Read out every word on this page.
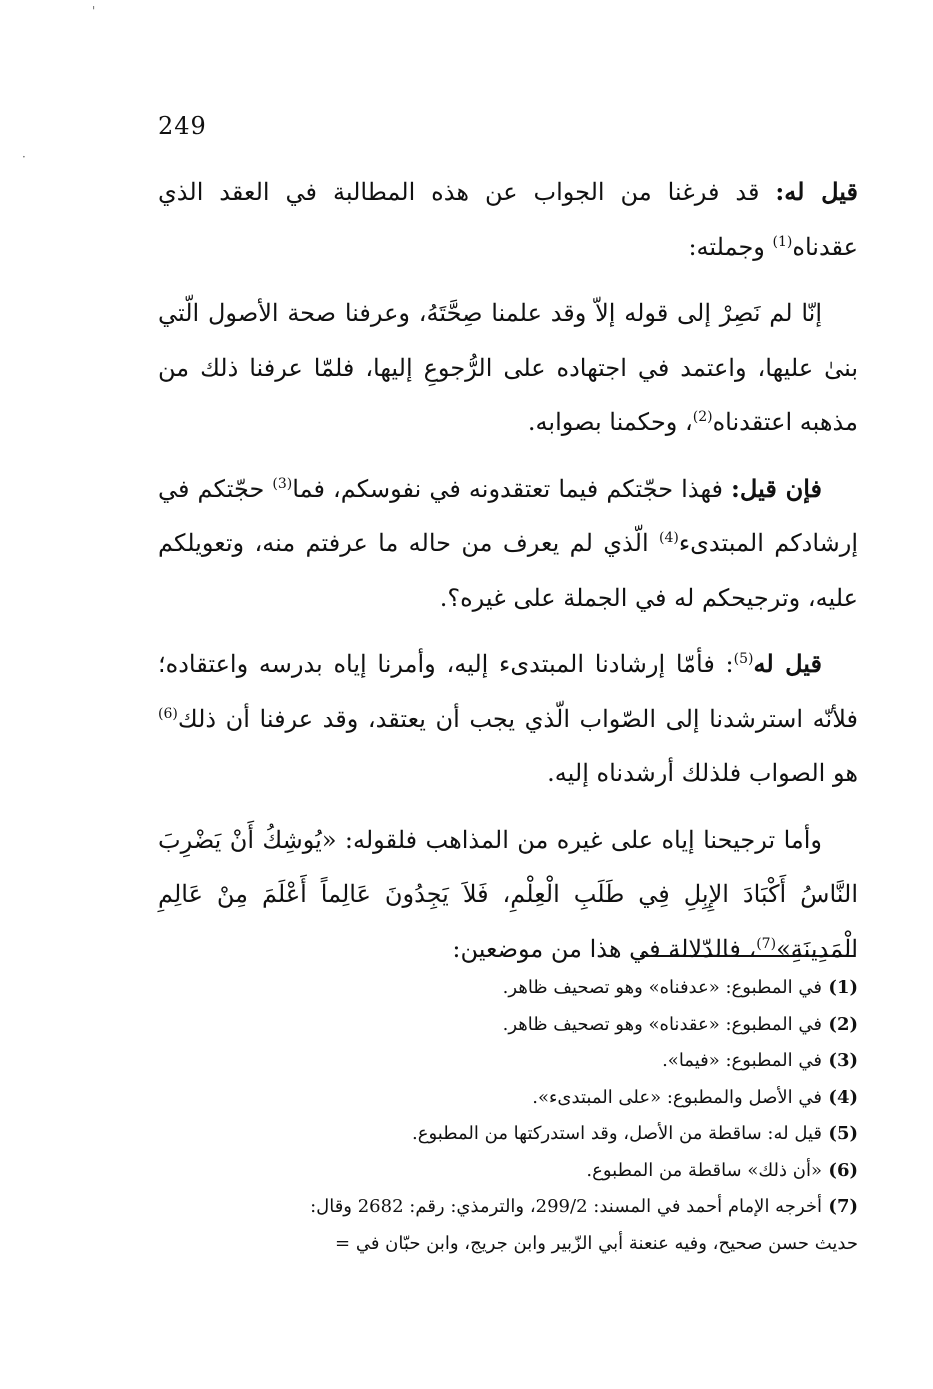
249

قيل له: قد فرغنا من الجواب عن هذه المطالبة في العقد الذي عقدناه$^{(1)}$ وجملته:

إنّا لم نَصِرْ إلى قوله إلاّ وقد علمنا صِحَّتَهُ، وعرفنا صحة الأصول الّتي بنىٰ عليها، واعتمد في اجتهاده على الرُّجوعِ إليها، فلمّا عرفنا ذلك من مذهبه اعتقدناه$^{(2)}$، وحكمنا بصوابه.

فإن قيل: فهذا حجّتكم فيما تعتقدونه في نفوسكم، فما$^{(3)}$ حجّتكم في إرشادكم المبتدىء$^{(4)}$ الّذي لم يعرف من حاله ما عرفتم منه، وتعويلكم عليه، وترجيحكم له في الجملة على غيره؟.

قيل له$^{(5)}$: فأمّا إرشادنا المبتدىء إليه، وأمرنا إياه بدرسه واعتقاده؛ فلأنّه استرشدنا إلى الصّواب الّذي يجب أن يعتقد، وقد عرفنا أن ذلك$^{(6)}$ هو الصواب فلذلك أرشدناه إليه.

وأما ترجيحنا إياه على غيره من المذاهب فلقوله: «يُوشِكُ أَنْ يَضْرِبَ النَّاسُ أَكْبَادَ الإِبِلِ فِي طَلَبِ الْعِلْمِ، فَلاَ يَجِدُونَ عَالِماً أَعْلَمَ مِنْ عَالِمِ الْمَدِينَةِ»$^{(7)}$، فالدّلالة في هذا من موضعين:

(1)في المطبوع: «عدفناه» وهو تصحيف ظاهر.
(2)في المطبوع: «عقدناه» وهو تصحيف ظاهر.
(3)في المطبوع: «فيما».
(4)في الأصل والمطبوع: «على المبتدىء».
(5)قيل له: ساقطة من الأصل، وقد استدركتها من المطبوع.
(6)«أن ذلك» ساقطة من المطبوع.
(7)أخرجه الإمام أحمد في المسند: 299/2، والترمذي: رقم: 2682 وقال:
حديث حسن صحيح، وفيه عنعنة أبي الزّبير وابن جريج، وابن حبّان في =
'
·
